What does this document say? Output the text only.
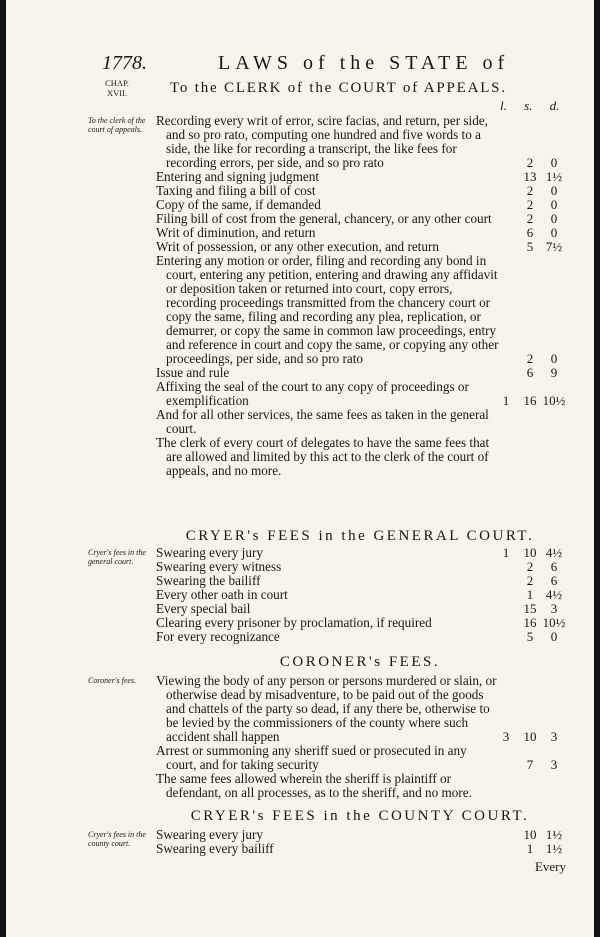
1778.	LAWS of the STATE of
CHAP.
XVII.	To the CLERK of the COURT of APPEALS.
l. s. d.
To the clerk of the court of appeals.
Recording every writ of error, scire facias, and return, per side, and so pro rato, computing one hundred and five words to a side, the like for recording a transcript, the like fees for recording errors, per side, and so pro rato	2	0
Entering and signing judgment	13 1½
Taxing and filing a bill of cost	2	0
Copy of the same, if demanded	2	0
Filing bill of cost from the general, chancery, or any other court	2	0
Writ of diminution, and return	6	0
Writ of possession, or any other execution, and return	5 7½
Entering any motion or order, filing and recording any bond in court, entering any petition, entering and drawing any affidavit or deposition taken or returned into court, copy errors, recording proceedings transmitted from the chancery court or copy the same, filing and recording any plea, replication, or demurrer, or copy the same in common law proceedings, entry and reference in court and copy the same, or copying any other proceedings, per side, and so pro rato	2	0
Issue and rule	6	9
Affixing the seal of the court to any copy of proceedings or exemplification	1	16 10½
And for all other services, the same fees as taken in the general court.
The clerk of every court of delegates to have the same fees that are allowed and limited by this act to the clerk of the court of appeals, and no more.
CRYER's FEES in the GENERAL COURT.
Cryer's fees in the general court.
Swearing every jury	1	10 4½
Swearing every witness	2	6
Swearing the bailiff	2	6
Every other oath in court	1 4½
Every special bail	15	3
Clearing every prisoner by proclamation, if required	16 10½
For every recognizance	5	0
CORONER's FEES.
Coroner's fees.	Viewing the body of any person or persons murdered or slain, or otherwise dead by misadventure, to be paid out of the goods and chattels of the party so dead, if any there be, otherwise to be levied by the commissioners of the county where such accident shall happen	3	10	3
Arrest or summoning any sheriff sued or prosecuted in any court, and for taking security	7	3
The same fees allowed wherein the sheriff is plaintiff or defendant, on all processes, as to the sheriff, and no more.
CRYER's FEES in the COUNTY COURT.
Cryer's fees in the county court.
Swearing every jury	10 1½
Swearing every bailiff	1 1½
Every
